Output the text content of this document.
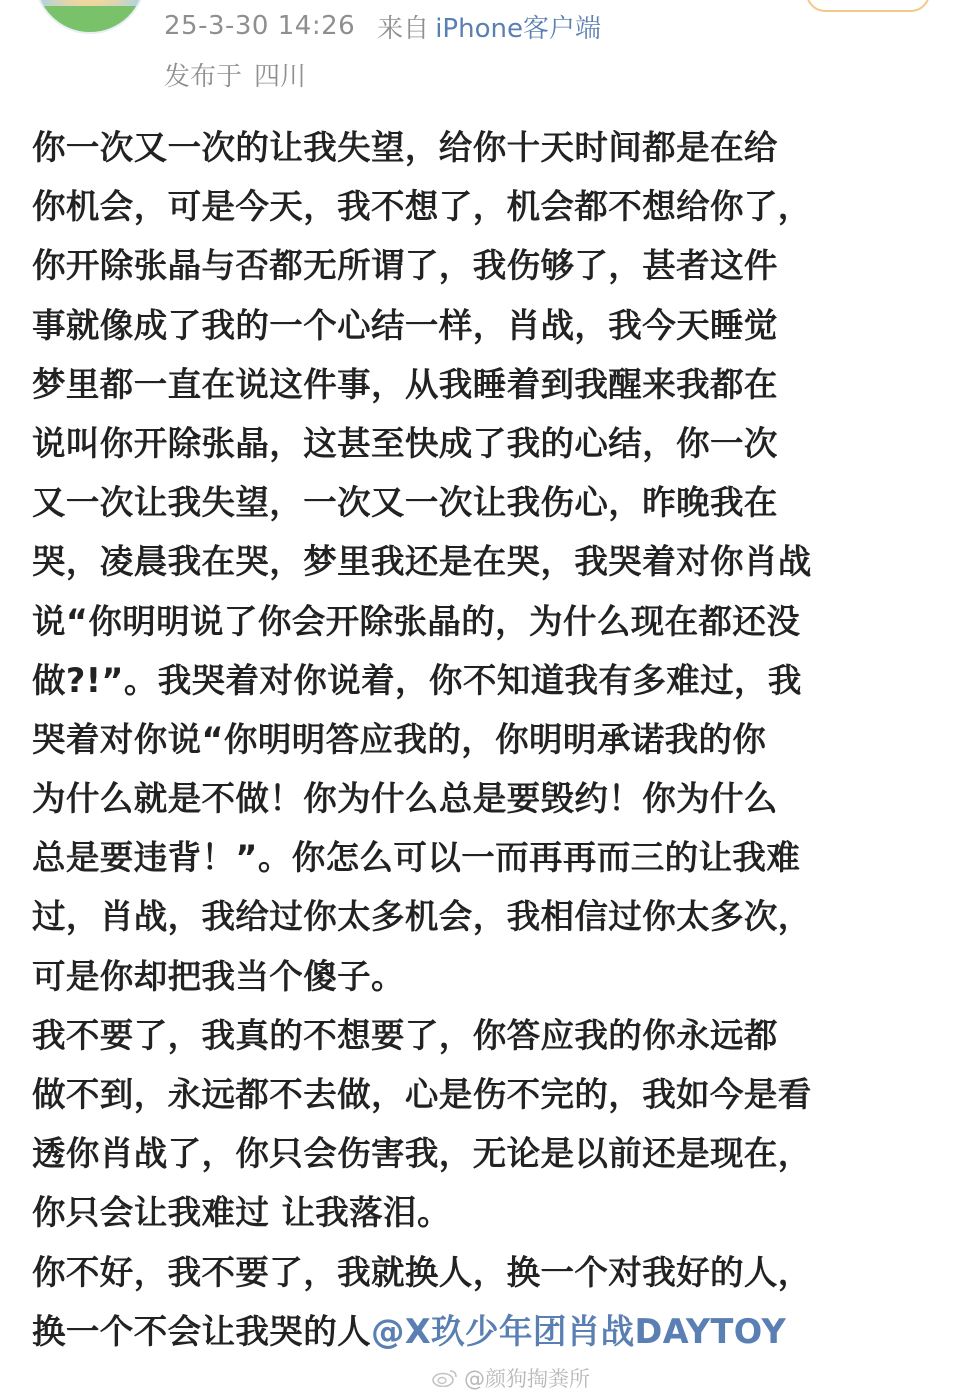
25-3-30 14:26 来自 iPhone客户端
发布于 四川
你一次又一次的让我失望，给你十天时间都是在给
你机会，可是今天，我不想了，机会都不想给你了，
你开除张晶与否都无所谓了，我伤够了，甚者这件
事就像成了我的一个心结一样，肖战，我今天睡觉
梦里都一直在说这件事，从我睡着到我醒来我都在
说叫你开除张晶，这甚至快成了我的心结，你一次
又一次让我失望，一次又一次让我伤心，昨晚我在
哭，凌晨我在哭，梦里我还是在哭，我哭着对你肖战
说“你明明说了你会开除张晶的，为什么现在都还没
做?!”。我哭着对你说着，你不知道我有多难过，我
哭着对你说“你明明答应我的，你明明承诺我的你
为什么就是不做！你为什么总是要毁约！你为什么
总是要违背！”。你怎么可以一而再再而三的让我难
过，肖战，我给过你太多机会，我相信过你太多次，
可是你却把我当个傻子。
我不要了，我真的不想要了，你答应我的你永远都
做不到，永远都不去做，心是伤不完的，我如今是看
透你肖战了，你只会伤害我，无论是以前还是现在，
你只会让我难过 让我落泪。
你不好，我不要了，我就换人，换一个对我好的人，
换一个不会让我哭的人@X玖少年团肖战DAYTOY
@颜狗掏粪所
